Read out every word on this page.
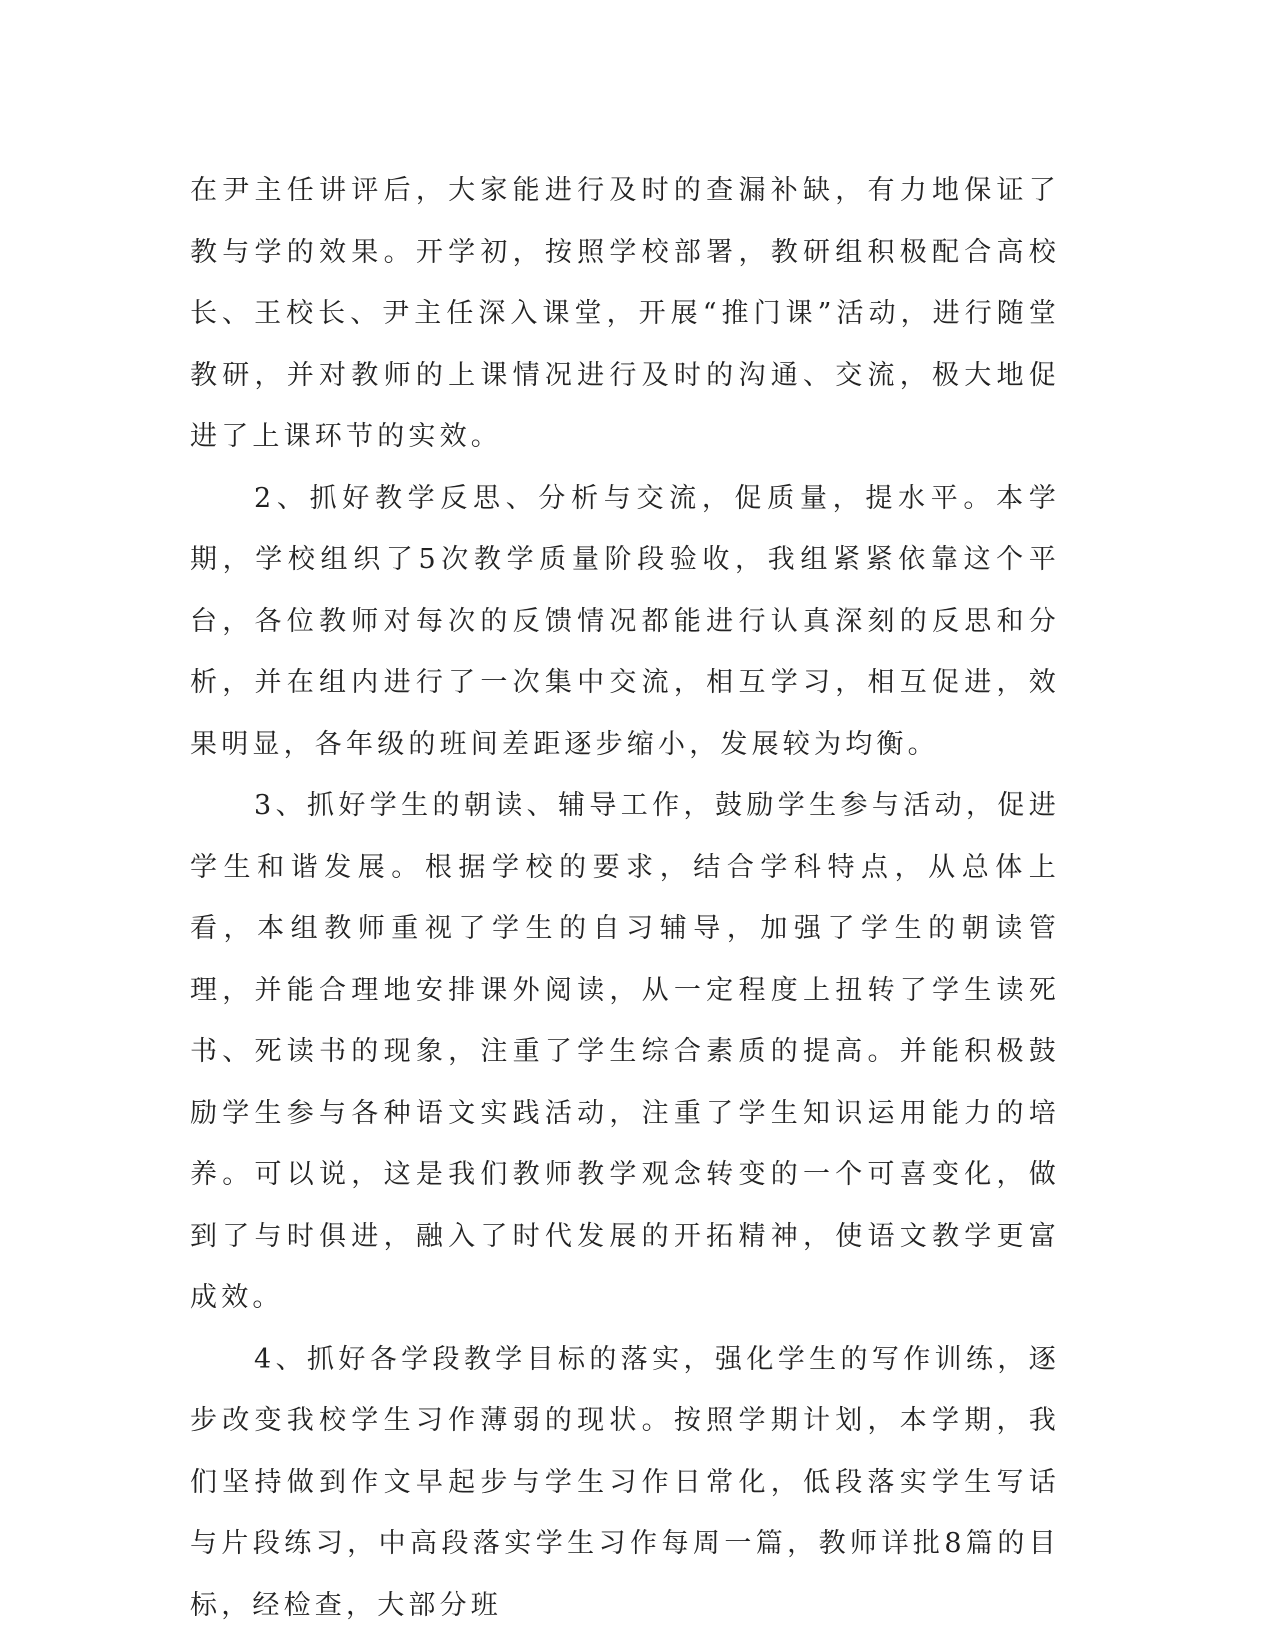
在尹主任讲评后，大家能进行及时的查漏补缺，有力地保证了教与学的效果。开学初，按照学校部署，教研组积极配合高校长、王校长、尹主任深入课堂，开展“推门课”活动，进行随堂教研，并对教师的上课情况进行及时的沟通、交流，极大地促进了上课环节的实效。

2、抓好教学反思、分析与交流，促质量，提水平。本学期，学校组织了5次教学质量阶段验收，我组紧紧依靠这个平台，各位教师对每次的反馈情况都能进行认真深刻的反思和分析，并在组内进行了一次集中交流，相互学习，相互促进，效果明显，各年级的班间差距逐步缩小，发展较为均衡。

3、抓好学生的朝读、辅导工作，鼓励学生参与活动，促进学生和谐发展。根据学校的要求，结合学科特点，从总体上看，本组教师重视了学生的自习辅导，加强了学生的朝读管理，并能合理地安排课外阅读，从一定程度上扭转了学生读死书、死读书的现象，注重了学生综合素质的提高。并能积极鼓励学生参与各种语文实践活动，注重了学生知识运用能力的培养。可以说，这是我们教师教学观念转变的一个可喜变化，做到了与时俱进，融入了时代发展的开拓精神，使语文教学更富成效。

4、抓好各学段教学目标的落实，强化学生的写作训练，逐步改变我校学生习作薄弱的现状。按照学期计划，本学期，我们坚持做到作文早起步与学生习作日常化，低段落实学生写话与片段练习，中高段落实学生习作每周一篇，教师详批8篇的目标，经检查，大部分班
